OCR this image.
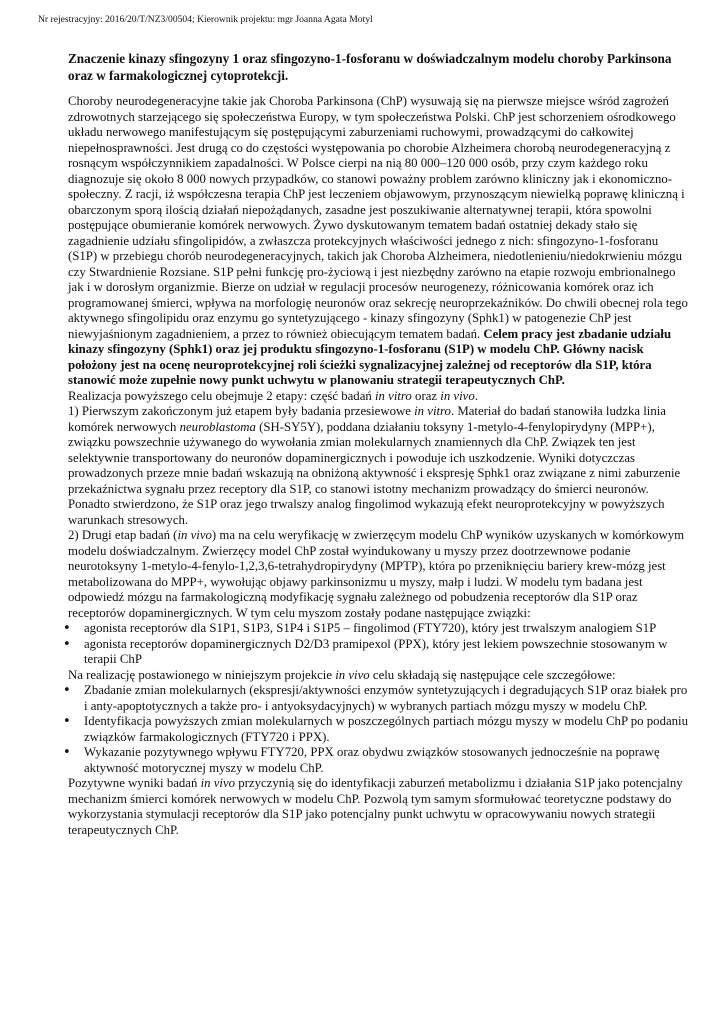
Nr rejestracyjny: 2016/20/T/NZ3/00504; Kierownik projektu: mgr Joanna Agata Motyl
Znaczenie kinazy sfingozyny 1 oraz sfingozyno-1-fosforanu w doświadczalnym modelu choroby Parkinsona oraz w farmakologicznej cytoprotekcji.

Choroby neurodegeneracyjne takie jak Choroba Parkinsona (ChP) wysuwają się na pierwsze miejsce wśród zagrożeń zdrowotnych starzejącego się społeczeństwa Europy, w tym społeczeństwa Polski. ChP jest schorzeniem ośrodkowego układu nerwowego manifestującym się postępującymi zaburzeniami ruchowymi, prowadzącymi do całkowitej niepełnosprawności. Jest drugą co do częstości występowania po chorobie Alzheimera chorobą neurodegeneracyjną z rosnącym współczynnikiem zapadalności. W Polsce cierpi na nią 80 000–120 000 osób, przy czym każdego roku diagnozuje się około 8 000 nowych przypadków, co stanowi poważny problem zarówno kliniczny jak i ekonomiczno- społeczny. Z racji, iż współczesna terapia ChP jest leczeniem objawowym, przynoszącym niewielką poprawę kliniczną i obarczonym sporą ilością działań niepożądanych, zasadne jest poszukiwanie alternatywnej terapii, która spowolni postępujące obumieranie komórek nerwowych. Żywo dyskutowanym tematem badań ostatniej dekady stało się zagadnienie udziału sfingolipidów, a zwłaszcza protekcyjnych właściwości jednego z nich: sfingozyno-1-fosforanu (S1P) w przebiegu chorób neurodegeneracyjnych, takich jak Choroba Alzheimera, niedotlenieniu/niedokrwieniu mózgu czy Stwardnienie Rozsiane. S1P pełni funkcję pro-życiową i jest niezbędny zarówno na etapie rozwoju embrionalnego jak i w dorosłym organizmie. Bierze on udział w regulacji procesów neurogenezy, różnicowania komórek oraz ich programowanej śmierci, wpływa na morfologię neuronów oraz sekrecję neuroprzekaźników. Do chwili obecnej rola tego aktywnego sfingolipidu oraz enzymu go syntetyzującego - kinazy sfingozyny (Sphk1) w patogenezie ChP jest niewyjaśnionym zagadnieniem, a przez to również obiecującym tematem badań. Celem pracy jest zbadanie udziału kinazy sfingozyny (Sphk1) oraz jej produktu sfingozyno-1-fosforanu (S1P) w modelu ChP. Główny nacisk położony jest na ocenę neuroprotekcyjnej roli ścieżki sygnalizacyjnej zależnej od receptorów dla S1P, która stanowić może zupełnie nowy punkt uchwytu w planowaniu strategii terapeutycznych ChP.

Realizacja powyższego celu obejmuje 2 etapy: część badań in vitro oraz in vivo.

1) Pierwszym zakończonym już etapem były badania przesiewowe in vitro. Materiał do badań stanowiła ludzka linia komórek nerwowych neuroblastoma (SH-SY5Y), poddana działaniu toksyny 1-metylo-4-fenylopirydyny (MPP+), związku powszechnie używanego do wywołania zmian molekularnych znamiennych dla ChP. Związek ten jest selektywnie transportowany do neuronów dopaminergicznych i powoduje ich uszkodzenie. Wyniki dotyczczas prowadzonych przeze mnie badań wskazują na obniżoną aktywność i ekspresję Sphk1 oraz związane z nimi zaburzenie przekaźnictwa sygnału przez receptory dla S1P, co stanowi istotny mechanizm prowadzący do śmierci neuronów. Ponadto stwierdzono, że S1P oraz jego trwalszy analog fingolimod wykazują efekt neuroprotekcyjny w powyższych warunkach stresowych.

2) Drugi etap badań (in vivo) ma na celu weryfikację w zwierzęcym modelu ChP wyników uzyskanych w komórkowym modelu doświadczalnym. Zwierzęcy model ChP został wyindukowany u myszy przez dootrzewnowe podanie neurotoksyny 1-metylo-4-fenylo-1,2,3,6-tetrahydropirydyny (MPTP), która po przeniknięciu bariery krew-mózg jest metabolizowana do MPP+, wywołując objawy parkinsonizmu u myszy, małp i ludzi. W modelu tym badana jest odpowiedź mózgu na farmakologiczną modyfikację sygnału zależnego od pobudzenia receptorów dla S1P oraz receptorów dopaminergicznych. W tym celu myszom zostały podane następujące związki:

• agonista receptorów dla S1P1, S1P3, S1P4 i S1P5 – fingolimod (FTY720), który jest trwalszym analogiem S1P
• agonista receptorów dopaminergicznych D2/D3 pramipexol (PPX), który jest lekiem powszechnie stosowanym w terapii ChP

Na realizację postawionego w niniejszym projekcie in vivo celu składają się następujące cele szczegółowe:

• Zbadanie zmian molekularnych (ekspresji/aktywności enzymów syntetyzujących i degradujących S1P oraz białek pro i anty-apoptotycznych a także pro- i antyoksydacyjnych) w wybranych partiach mózgu myszy w modelu ChP.
• Identyfikacja powyższych zmian molekularnych w poszczególnych partiach mózgu myszy w modelu ChP po podaniu związków farmakologicznych (FTY720 i PPX).
• Wykazanie pozytywnego wpływu FTY720, PPX oraz obydwu związków stosowanych jednocześnie na poprawę aktywność motorycznej myszy w modelu ChP.

Pozytywne wyniki badań in vivo przyczynią się do identyfikacji zaburzeń metabolizmu i działania S1P jako potencjalny mechanizm śmierci komórek nerwowych w modelu ChP. Pozwolą tym samym sformułować teoretyczne podstawy do wykorzystania stymulacji receptorów dla S1P jako potencjalny punkt uchwytu w opracowywaniu nowych strategii terapeutycznych ChP.
